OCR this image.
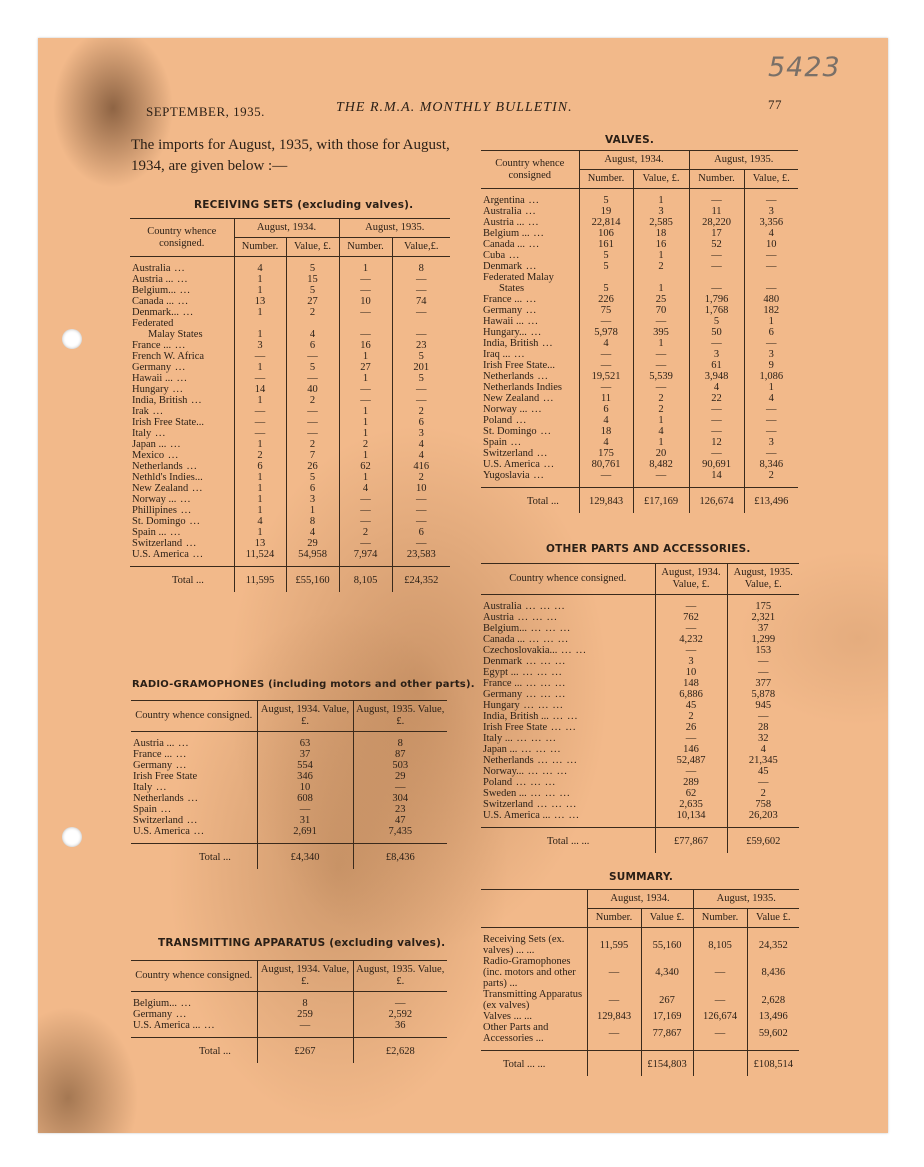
SEPTEMBER, 1935.	THE R.M.A. MONTHLY BULLETIN.	77
5423
The imports for August, 1935, with those for August, 1934, are given below :—
RECEIVING SETS (excluding valves).
Country whence consigned.	August, 1934.		August, 1935.	
	Number.	Value, £.	Number.	Value,£.
Australia ...	4	5	1	8
Austria ... ...	1	15	—	—
Belgium... ...	1	5	—	—
Canada ... ...	13	27	10	74
Denmark... ...	1	2	—	—
Federated				
Malay States	1	4	—	—
France ... ...	3	6	16	23
French W. Africa	—	—	1	5
Germany ...	1	5	27	201
Hawaii ... ...	—	—	1	5
Hungary ...	14	40	—	—
India, British ...	1	2	—	—
Irak ...	—	—	1	2
Irish Free State...	—	—	1	6
Italy ...	—	—	1	3
Japan ... ...	1	2	2	4
Mexico ...	2	7	1	4
Netherlands ...	6	26	62	416
Nethld's Indies...	1	5	1	2
New Zealand ...	1	6	4	10
Norway ... ...	1	3	—	—
Phillipines ...	1	1	—	—
St. Domingo ...	4	8	—	—
Spain ... ...	1	4	2	6
Switzerland ...	13	29	—	—
U.S. America ...	11,524	54,958	7,974	23,583
Total ...	11,595	£55,160	8,105	£24,352
RADIO-GRAMOPHONES (including motors and other parts).
Country whence consigned.	August, 1934. Value, £.	August, 1935. Value, £.
Austria ... ...	63	8
France ... ...	37	87
Germany ...	554	503
Irish Free State	346	29
Italy ...	10	—
Netherlands ...	608	304
Spain ...	—	23
Switzerland ...	31	47
U.S. America ...	2,691	7,435
Total ...	£4,340	£8,436
TRANSMITTING APPARATUS (excluding valves).
Country whence consigned.	August, 1934. Value, £.	August, 1935. Value, £.
Belgium... ...	8	—
Germany ...	259	2,592
U.S. America ... ...	—	36
Total ...	£267	£2,628
VALVES.
Country whence consigned	August, 1934.		August, 1935.	
	Number.	Value, £.	Number.	Value, £.
Argentina ...	5	1	—	—
Australia ...	19	3	11	3
Austria ... ...	22,814	2,585	28,220	3,356
Belgium ... ...	106	18	17	4
Canada ... ...	161	16	52	10
Cuba ...	5	1	—	—
Denmark ...	5	2	—	—
Federated Malay				
States	5	1	—	—
France ... ...	226	25	1,796	480
Germany ...	75	70	1,768	182
Hawaii ... ...	—	—	5	1
Hungary... ...	5,978	395	50	6
India, British ...	4	1	—	—
Iraq ... ...	—	—	3	3
Irish Free State...	—	—	61	9
Netherlands ...	19,521	5,539	3,948	1,086
Netherlands Indies	—	—	4	1
New Zealand ...	11	2	22	4
Norway ... ...	6	2	—	—
Poland ...	4	1	—	—
St. Domingo ...	18	4	—	—
Spain ...	4	1	12	3
Switzerland ...	175	20	—	—
U.S. America ...	80,761	8,482	90,691	8,346
Yugoslavia ...	—	—	14	2
Total ...	129,843	£17,169	126,674	£13,496
OTHER PARTS AND ACCESSORIES.
Country whence consigned.	August, 1934. Value, £.	August, 1935. Value, £.
Australia ... ... ...	—	175
Austria ... ... ...	762	2,321
Belgium... ... ... ...	—	37
Canada ... ... ... ...	4,232	1,299
Czechoslovakia... ... ...	—	153
Denmark ... ... ...	3	—
Egypt ... ... ... ...	10	—
France ... ... ... ...	148	377
Germany ... ... ...	6,886	5,878
Hungary ... ... ...	45	945
India, British ... ... ...	2	—
Irish Free State ... ...	26	28
Italy ... ... ... ...	—	32
Japan ... ... ... ...	146	4
Netherlands ... ... ...	52,487	21,345
Norway... ... ... ...	—	45
Poland ... ... ...	289	—
Sweden ... ... ... ...	62	2
Switzerland ... ... ...	2,635	758
U.S. America ... ... ...	10,134	26,203
Total ... ...	£77,867	£59,602
SUMMARY.
	August, 1934.		August, 1935.	
	Number.	Value £.	Number.	Value £.
Receiving Sets (ex. valves) ... ...	11,595	55,160	8,105	24,352
Radio-Gramophones (inc. motors and other parts) ...	—	4,340	—	8,436
Transmitting Apparatus (ex valves)	—	267	—	2,628
Valves ... ...	129,843	17,169	126,674	13,496
Other Parts and Accessories ...	—	77,867	—	59,602
Total ... ...		£154,803		£108,514
